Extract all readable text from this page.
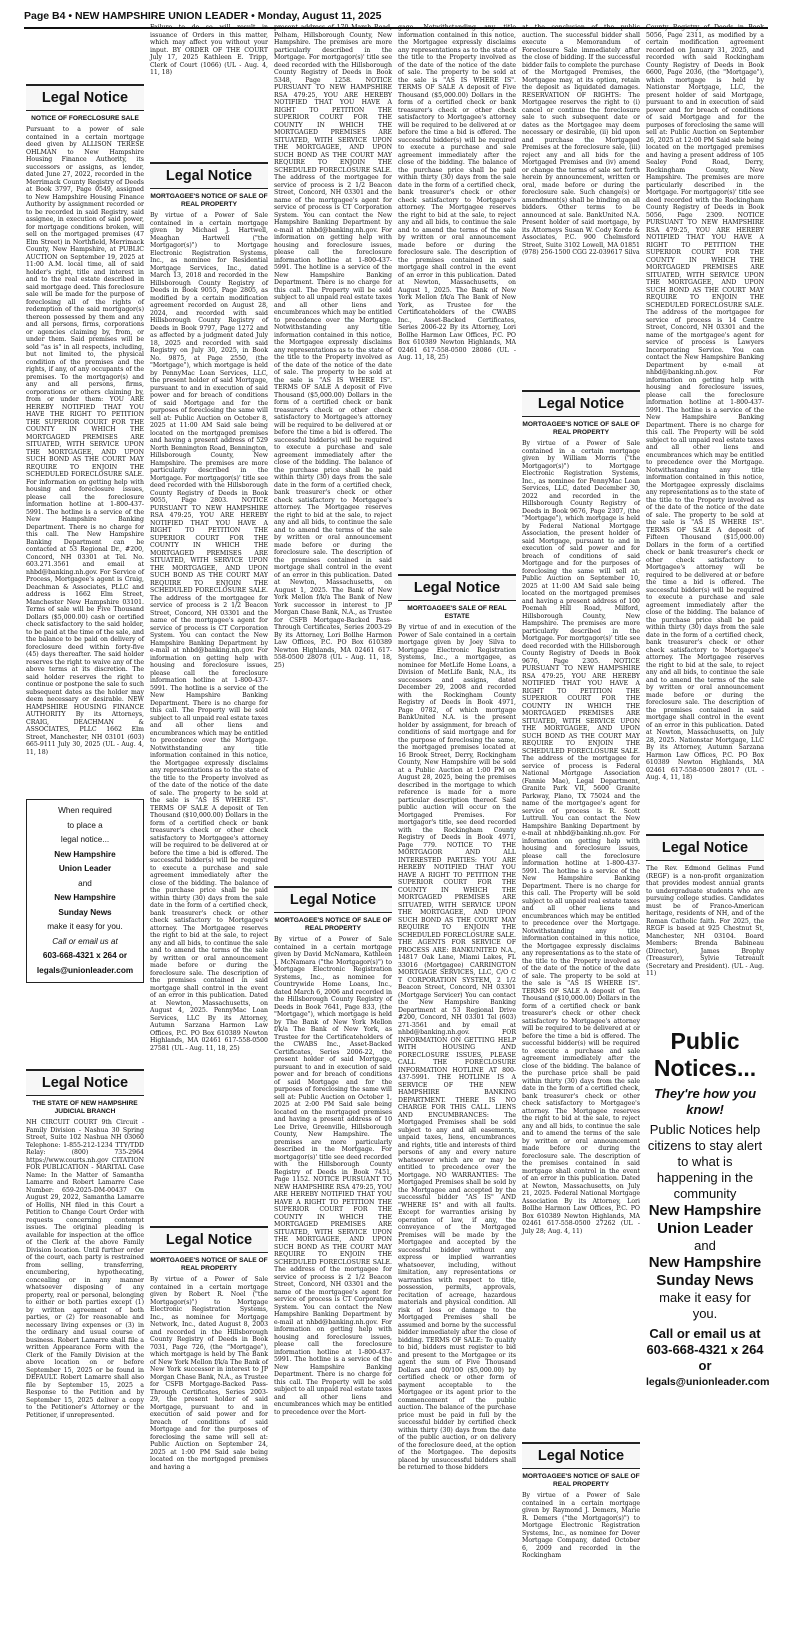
Page B4 • NEW HAMPSHIRE UNION LEADER • Monday, August 11, 2025
Legal Notice
NOTICE OF FORECLOSURE SALE

Pursuant to a power of sale contained in a certain mortgage deed given by ALLISON TERESE OHLMAN to New Hampshire Housing Finance Authority, its successors or assigns, as lender, dated June 27, 2022, recorded in the Merrimack County Registry of Deeds at Book 3797, Page 0549, assigned to New Hampshire Housing Finance Authority by assignment recorded or to be recorded in said Registry, said assignee, in execution of said power, for mortgage conditions broken, will sell on the mortgaged premises (47 Elm Street) in Northfield, Merrimack County, New Hampshire, at PUBLIC AUCTION on September 19, 2025 at 11:00 A.M. local time, all of said holder's right, title and interest in and to the real estate described in said mortgage deed. This foreclosure sale will be made for the purpose of foreclosing all of the rights of redemption of the said mortgagor(s) thereon possessed by them and any and all persons, firms, corporations or agencies claiming by, from, or under them. Said premises will be sold "as is" in all respects, including, but not limited to, the physical condition of the premises and the rights, if any, of any occupants of the premises. To the mortgagor(s) and any and all persons, firms, corporations or others claiming by, from or under them: YOU ARE HEREBY NOTIFIED THAT YOU HAVE THE RIGHT TO PETITION THE SUPERIOR COURT FOR THE COUNTY IN WHICH THE MORTGAGED PREMISES ARE SITUATED, WITH SERVICE UPON THE MORTGAGEE, AND UPON SUCH BOND AS THE COURT MAY REQUIRE TO ENJOIN THE SCHEDULED FORECLOSURE SALE. For information on getting help with housing and foreclosure issues, please call the foreclosure information hotline at 1-800-437-5991. The hotline is a service of the New Hampshire Banking Department. There is no charge for this call. The New Hampshire Banking Department can be contacted at 53 Regional Dr., #200, Concord, NH 03301 at Tel. No. 603.271.3561 and email at nhbd@banking.nh.gov. For Service of Process, Mortgagee's agent is Craig, Deachman & Associates, PLLC and address is 1662 Elm Street, Manchester New Hampshire 03101. Terms of sale will be Five Thousand Dollars ($5,000.00) cash or certified check satisfactory to the said holder, to be paid at the time of the sale, and the balance to be paid on delivery of foreclosure deed within forty-five (45) days thereafter. The said holder reserves the right to waive any of the above terms at its discretion. The said holder reserves the right to continue or postpone the sale to such subsequent dates as the holder may deem necessary or desirable. NEW HAMPSHIRE HOUSING FINANCE AUTHORITY By its Attorneys, CRAIG, DEACHMAN & ASSOCIATES, PLLC 1662 Elm Street, Manchester, NH 03101 (603) 665-9111 July 30, 2025 (UL - Aug. 4, 11, 18)

When required
to place a
legal notice...
New Hampshire
Union Leader
and
New Hampshire
Sunday News
make it easy for you.
Call or email us at
603-668-4321 x 264 or
legals@unionleader.com
Legal Notice
THE STATE OF NEW HAMPSHIRE JUDICIAL BRANCH

NH CIRCUIT COURT 9th Circuit - Family Division - Nashua 30 Spring Street, Suite 102 Nashua NH 03060 Telephone: 1-855-212-1234 TTY/TDD Relay: (800) 735-2964 https://www.courts.nh.gov CITATION FOR PUBLICATION - MARITAL Case Name: In the Matter of Samantha Lamarre and Robert Lamarre Case Number: 659-2025-DM-00437 On August 29, 2022, Samantha Lamarre of Hollis, NH filed in this Court a Petition to Change Court Order with requests concerning contempt issues. The original pleading is available for inspection at the office of the Clerk at the above Family Division location. Until further order of the court, each party is restrained from selling, transferring, encumbering, hypothecating, concealing or in any manner whatsoever disposing of any property, real or personal, belonging to either or both parties except (1) by written agreement of both parties, or (2) for reasonable and necessary living expenses or (3) in the ordinary and usual course of business. Robert Lamarre shall file a written Appearance Form with the Clerk of the Family Division at the above location on or before September 15, 2025 or be found in DEFAULT. Robert Lamarre shall also file by September 15, 2025 a Response to the Petition and by September 15, 2025 deliver a copy to the Petitioner's Attorney or the Petitioner, if unrepresented.

Failure to do so will result in issuance of Orders in this matter, which may affect you without your input. BY ORDER OF THE COURT July 17, 2025 Kathleen E. Tripp, Clerk of Court (1066) (UL - Aug. 4, 11, 18)

Legal Notice
MORTGAGEE'S NOTICE OF SALE OF REAL PROPERTY

By virtue of a Power of Sale contained in a certain mortgage given by Michael J. Hartwell, Meaghan Hartwell ("the Mortgagor(s)") to Mortgage Electronic Registration Systems, Inc., as nominee for Residential Mortgage Services, Inc., dated March 13, 2018 and recorded in the Hillsborough County Registry of Deeds in Book 9055, Page 2805, as modified by a certain modification agreement recorded on August 28, 2024, and recorded with said Hillsborough County Registry of Deeds in Book 9797, Page 1272 and as affected by a judgment dated July 18, 2025 and recorded with said Registry on July 30, 2025, in Book No. 9875, at Page 2550, (the "Mortgage"), which mortgage is held by PennyMac Loan Services, LLC, the present holder of said Mortgage, pursuant to and in execution of said power and for breach of conditions of said Mortgage and for the purposes of foreclosing the same will sell at: Public Auction on October 8, 2025 at 11:00 AM Said sale being located on the mortgaged premises and having a present address of 529 North Bennington Road, Bennington, Hillsborough County, New Hampshire. The premises are more particularly described in the Mortgage. For mortgagor(s)' title see deed recorded with the Hillsborough County Registry of Deeds in Book 9055, Page 2803. NOTICE PURSUANT TO NEW HAMPSHIRE RSA 479:25, YOU ARE HEREBY NOTIFIED THAT YOU HAVE A RIGHT TO PETITION THE SUPERIOR COURT FOR THE COUNTY IN WHICH THE MORTGAGED PREMISES ARE SITUATED, WITH SERVICE UPON THE MORTGAGEE, AND UPON SUCH BOND AS THE COURT MAY REQUIRE TO ENJOIN THE SCHEDULED FORECLOSURE SALE. The address of the mortgagee for service of process is 2 1/2 Beacon Street, Concord, NH 03301 and the name of the mortgagee's agent for service of process is CT Corporation System. You can contact the New Hampshire Banking Department by e-mail at nhbd@banking.nh.gov. For information on getting help with housing and foreclosure issues, please call the foreclosure information hotline at 1-800-437-5991. The hotline is a service of the New Hampshire Banking Department. There is no charge for this call. The Property will be sold subject to all unpaid real estate taxes and all other liens and encumbrances which may be entitled to precedence over the Mortgage. Notwithstanding any title information contained in this notice, the Mortgagee expressly disclaims any representations as to the state of the title to the Property involved as of the date of the notice of the date of sale. The property to be sold at the sale is "AS IS WHERE IS". TERMS OF SALE A deposit of Ten Thousand ($10,000.00) Dollars in the form of a certified check or bank treasurer's check or other check satisfactory to Mortgagee's attorney will be required to be delivered at or before the time a bid is offered. The successful bidder(s) will be required to execute a purchase and sale agreement immediately after the close of the bidding. The balance of the purchase price shall be paid within thirty (30) days from the sale date in the form of a certified check, bank treasurer's check or other check satisfactory to Mortgagee's attorney. The Mortgagee reserves the right to bid at the sale, to reject any and all bids, to continue the sale and to amend the terms of the sale by written or oral announcement made before or during the foreclosure sale. The description of the premises contained in said mortgage shall control in the event of an error in this publication. Dated at Newton, Massachusetts, on August 4, 2025. PennyMac Loan Services, LLC By its Attorney, Autumn Sarzana Harmon Law Offices, P.C. PO Box 610389 Newton Highlands, MA 02461 617-558-0500 27581 (UL - Aug. 11, 18, 25)

Legal Notice
MORTGAGEE'S NOTICE OF SALE OF REAL PROPERTY

By virtue of a Power of Sale contained in a certain mortgage given by Robert R. Noel ("the Mortgagor(s)") to Mortgage Electronic Registration Systems, Inc., as nominee for Mortgage Network, Inc., dated August 8, 2003 and recorded in the Hillsborough County Registry of Deeds in Book 7031, Page 726, (the "Mortgage"), which mortgage is held by The Bank of New York Mellon f/k/a The Bank of New York successor in interest to JP Morgan Chase Bank, N.A., as Trustee for CSFB Mortgage-Backed Pass-Through Certificates, Series 2003-29, the present holder of said Mortgage, pursuant to and in execution of said power and for breach of conditions of said Mortgage and for the purposes of foreclosing the same will sell at: Public Auction on September 24, 2025 at 1:00 PM Said sale being located on the mortgaged premises and having a

present address of 170 Marsh Road, Pelham, Hillsborough County, New Hampshire. The premises are more particularly described in the Mortgage. For mortgagor(s)' title see deed recorded with the Hillsborough County Registry of Deeds in Book 5348, Page 1258. NOTICE PURSUANT TO NEW HAMPSHIRE RSA 479:25, YOU ARE HEREBY NOTIFIED THAT YOU HAVE A RIGHT TO PETITION THE SUPERIOR COURT FOR THE COUNTY IN WHICH THE MORTGAGED PREMISES ARE SITUATED, WITH SERVICE UPON THE MORTGAGEE, AND UPON SUCH BOND AS THE COURT MAY REQUIRE TO ENJOIN THE SCHEDULED FORECLOSURE SALE. The address of the mortgagee for service of process is 2 1/2 Beacon Street, Concord, NH 03301 and the name of the mortgagee's agent for service of process is CT Corporation System. You can contact the New Hampshire Banking Department by e-mail at nhbd@banking.nh.gov. For information on getting help with housing and foreclosure issues, please call the foreclosure information hotline at 1-800-437-5991. The hotline is a service of the New Hampshire Banking Department. There is no charge for this call. The Property will be sold subject to all unpaid real estate taxes and all other liens and encumbrances which may be entitled to precedence over the Mortgage. Notwithstanding any title information contained in this notice, the Mortgagee expressly disclaims any representations as to the state of the title to the Property involved as of the date of the notice of the date of sale. The property to be sold at the sale is "AS IS WHERE IS". TERMS OF SALE A deposit of Five Thousand ($5,000.00) Dollars in the form of a certified check or bank treasurer's check or other check satisfactory to Mortgagee's attorney will be required to be delivered at or before the time a bid is offered. The successful bidder(s) will be required to execute a purchase and sale agreement immediately after the close of the bidding. The balance of the purchase price shall be paid within thirty (30) days from the sale date in the form of a certified check, bank treasurer's check or other check satisfactory to Mortgagee's attorney. The Mortgagee reserves the right to bid at the sale, to reject any and all bids, to continue the sale and to amend the terms of the sale by written or oral announcement made before or during the foreclosure sale. The description of the premises contained in said mortgage shall control in the event of an error in this publication. Dated at Newton, Massachusetts, on August 1, 2025. The Bank of New York Mellon f/k/a The Bank of New York successor in interest to JP Morgan Chase Bank, N.A., as Trustee for CSFB Mortgage-Backed Pass-Through Certificates, Series 2003-29 By its Attorney, Lori Bollhe Harmon Law Offices, P.C. PO Box 610389 Newton Highlands, MA 02461 617-558-0500 28078 (UL - Aug. 11, 18, 25)

Legal Notice
MORTGAGEE'S NOTICE OF SALE OF REAL PROPERTY

By virtue of a Power of Sale contained in a certain mortgage given by David McNamara, Kathleen J. McNamara ("the Mortgagor(s)") to Mortgage Electronic Registration Systems, Inc., as nominee for Countrywide Home Loans, Inc., dated March 6, 2006 and recorded in the Hillsborough County Registry of Deeds in Book 7641, Page 833, (the "Mortgage"), which mortgage is held by The Bank of New York Mellon f/k/a The Bank of New York, as Trustee for the Certificateholders of the CWABS Inc., Asset-Backed Certificates, Series 2006-22, the present holder of said Mortgage, pursuant to and in execution of said power and for breach of conditions of said Mortgage and for the purposes of foreclosing the same will sell at: Public Auction on October 1, 2025 at 2:00 PM Said sale being located on the mortgaged premises and having a present address of 10 Lee Drive, Greenville, Hillsborough County, New Hampshire. The premises are more particularly described in the Mortgage. For mortgagor(s)' title see deed recorded with the Hillsborough County Registry of Deeds in Book 7451, Page 1152. NOTICE PURSUANT TO NEW HAMPSHIRE RSA 479:25, YOU ARE HEREBY NOTIFIED THAT YOU HAVE A RIGHT TO PETITION THE SUPERIOR COURT FOR THE COUNTY IN WHICH THE MORTGAGED PREMISES ARE SITUATED, WITH SERVICE UPON THE MORTGAGEE, AND UPON SUCH BOND AS THE COURT MAY REQUIRE TO ENJOIN THE SCHEDULED FORECLOSURE SALE. The address of the mortgagee for service of process is 2 1/2 Beacon Street, Concord, NH 03301 and the name of the mortgagee's agent for service of process is CT Corporation System. You can contact the New Hampshire Banking Department by e-mail at nhbd@banking.nh.gov. For information on getting help with housing and foreclosure issues, please call the foreclosure information hotline at 1-800-437-5991. The hotline is a service of the New Hampshire Banking Department. There is no charge for this call. The Property will be sold subject to all unpaid real estate taxes and all other liens and encumbrances which may be entitled to precedence over the Mort-

gage. Notwithstanding any title information contained in this notice, the Mortgagee expressly disclaims any representations as to the state of the title to the Property involved as of the date of the notice of the date of sale. The property to be sold at the sale is "AS IS WHERE IS". TERMS OF SALE A deposit of Five Thousand ($5,000.00) Dollars in the form of a certified check or bank treasurer's check or other check satisfactory to Mortgagee's attorney will be required to be delivered at or before the time a bid is offered. The successful bidder(s) will be required to execute a purchase and sale agreement immediately after the close of the bidding. The balance of the purchase price shall be paid within thirty (30) days from the sale date in the form of a certified check, bank treasurer's check or other check satisfactory to Mortgagee's attorney. The Mortgagee reserves the right to bid at the sale, to reject any and all bids, to continue the sale and to amend the terms of the sale by written or oral announcement made before or during the foreclosure sale. The description of the premises contained in said mortgage shall control in the event of an error in this publication. Dated at Newton, Massachusetts, on August 1, 2025. The Bank of New York Mellon f/k/a The Bank of New York, as Trustee for the Certificateholders of the CWABS Inc., Asset-Backed Certificates, Series 2006-22 By its Attorney, Lori Bollhe Harmon Law Offices, P.C. PO Box 610389 Newton Highlands, MA 02461 617-558-0500 28086 (UL - Aug. 11, 18, 25)

Legal Notice
MORTGAGEE'S SALE OF REAL ESTATE

By virtue of and in execution of the Power of Sale contained in a certain mortgage given by Joey Silva to Mortgage Electronic Registration Systems, Inc., a mortgagee, as nominee for MetLife Home Loans, a Division of MetLife Bank, N.A., its successors and assigns, dated December 29, 2008 and recorded with the Rockingham County Registry of Deeds in Book 4971, Page 0782, of which mortgage BankUnited N.A. is the present holder by assignment, for breach of conditions of said mortgage and for the purpose of foreclosing the same, the mortgaged premises located at 16 Brook Street, Derry, Rockingham County, New Hampshire will be sold at a Public Auction at 1:00 PM on August 28, 2025, being the premises described in the mortgage to which reference is made for a more particular description thereof. Said public auction will occur on the Mortgaged Premises. For mortgagor's title, see deed recorded with the Rockingham County Registry of Deeds in Book 4971, Page 779. NOTICE TO THE MORTGAGOR AND ALL INTERESTED PARTIES: YOU ARE HEREBY NOTIFIED THAT YOU HAVE A RIGHT TO PETITION THE SUPERIOR COURT FOR THE COUNTY IN WHICH THE MORTGAGED PREMISES ARE SITUATED, WITH SERVICE UPON THE MORTGAGEE, AND UPON SUCH BOND AS THE COURT MAY REQUIRE TO ENJOIN THE SCHEDULED FORECLOSURE SALE. THE AGENTS FOR SERVICE OF PROCESS ARE: BANKUNITED N.A., 14817 Oak Lane, Miami Lakes, FL 33016 (Mortgagee) CARRINGTON MORTGAGE SERVICES, LLC, C/O C T CORPORATION SYSTEM, 2 1/2 Beacon Street, Concord, NH 03301 (Mortgage Servicer) You can contact the New Hampshire Banking Department at 53 Regional Drive #200, Concord, NH 03301 Tel (603) 271-3561 and by email at nhbd@banking.nh.gov. FOR INFORMATION ON GETTING HELP WITH HOUSING AND FORECLOSURE ISSUES, PLEASE CALL THE FORECLOSURE INFORMATION HOTLINE AT 800-437-5991. THE HOTLINE IS A SERVICE OF THE NEW HAMPSHIRE BANKING DEPARTMENT. THERE IS NO CHARGE FOR THIS CALL. LIENS AND ENCUMBRANCES: The Mortgaged Premises shall be sold subject to any and all easements, unpaid taxes, liens, encumbrances and rights, title and interests of third persons of any and every nature whatsoever which are or may be entitled to precedence over the Mortgage. NO WARRANTIES: The Mortgaged Premises shall be sold by the Mortgagee and accepted by the successful bidder "AS IS" AND "WHERE IS" and with all faults. Except for warranties arising by operation of law, if any, the conveyance of the Mortgaged Premises will be made by the Mortgagee and accepted by the successful bidder without any express or implied warranties whatsoever, including, without limitation, any representations or warranties with respect to title, possession, permits, approvals, recitation of acreage, hazardous materials and physical condition. All risk of loss or damage to the Mortgaged Premises shall be assumed and borne by the successful bidder immediately after the close of bidding. TERMS OF SALE: To qualify to bid, bidders must register to bid and present to the Mortgagee or its agent the sum of Five Thousand Dollars and 00/100 ($5,000.00) by certified check or other form of payment acceptable to the Mortgagee or its agent prior to the commencement of the public auction. The balance of the purchase price must be paid in full by the successful bidder by certified check within thirty (30) days from the date of the public auction, or on delivery of the foreclosure deed, at the option of the Mortgagee. The deposits placed by unsuccessful bidders shall be returned to those bidders

at the conclusion of the public auction. The successful bidder shall execute a Memorandum of Foreclosure Sale immediately after the close of bidding. If the successful bidder fails to complete the purchase of the Mortgaged Premises, the Mortgagee may, at its option, retain the deposit as liquidated damages. RESERVATION OF RIGHTS: The Mortgagee reserves the right to (i) cancel or continue the foreclosure sale to such subsequent date or dates as the Mortgagee may deem necessary or desirable, (ii) bid upon and purchase the Mortgaged Premises at the foreclosure sale, (iii) reject any and all bids for the Mortgaged Premises and (iv) amend or change the terms of sale set forth herein by announcement, written or oral, made before or during the foreclosure sale. Such change(s) or amendment(s) shall be binding on all bidders. Other terms to be announced at sale. BankUnited N.A. Present holder of said mortgage, by its Attorneys Susan W. Cody Korde & Associates, P.C. 900 Chelmsford Street, Suite 3102 Lowell, MA 01851 (978) 256-1500 CGG 22-039617 Silva

Legal Notice
MORTGAGEE'S NOTICE OF SALE OF REAL PROPERTY

By virtue of a Power of Sale contained in a certain mortgage given by William Morris ("the Mortgagor(s)") to Mortgage Electronic Registration Systems, Inc., as nominee for PennyMac Loan Services, LLC, dated December 30, 2022 and recorded in the Hillsborough County Registry of Deeds in Book 9676, Page 2307, (the "Mortgage"), which mortgage is held by Federal National Mortgage Association, the present holder of said Mortgage, pursuant to and in execution of said power and for breach of conditions of said Mortgage and for the purposes of foreclosing the same will sell at: Public Auction on September 10, 2025 at 11:00 AM Said sale being located on the mortgaged premises and having a present address of 100 Poemah Hill Road, Milford, Hillsborough County, New Hampshire. The premises are more particularly described in the Mortgage. For mortgagor(s)' title see deed recorded with the Hillsborough County Registry of Deeds in Book 9676, Page 2305. NOTICE PURSUANT TO NEW HAMPSHIRE RSA 479:25, YOU ARE HEREBY NOTIFIED THAT YOU HAVE A RIGHT TO PETITION THE SUPERIOR COURT FOR THE COUNTY IN WHICH THE MORTGAGED PREMISES ARE SITUATED, WITH SERVICE UPON THE MORTGAGEE, AND UPON SUCH BOND AS THE COURT MAY REQUIRE TO ENJOIN THE SCHEDULED FORECLOSURE SALE. The address of the mortgagee for service of process is Federal National Mortgage Association (Fannie Mae), Legal Department, Granite Park VII, 5600 Granite Parkway, Plano, TX 75024 and the name of the mortgagee's agent for service of process is R. Scott Luttrull. You can contact the New Hampshire Banking Department by e-mail at nhbd@banking.nh.gov. For information on getting help with housing and foreclosure issues, please call the foreclosure information hotline at 1-800-437-5991. The hotline is a service of the New Hampshire Banking Department. There is no charge for this call. The Property will be sold subject to all unpaid real estate taxes and all other liens and encumbrances which may be entitled to precedence over the Mortgage. Notwithstanding any title information contained in this notice, the Mortgagee expressly disclaims any representations as to the state of the title to the Property involved as of the date of the notice of the date of sale. The property to be sold at the sale is "AS IS WHERE IS". TERMS OF SALE A deposit of Ten Thousand ($10,000.00) Dollars in the form of a certified check or bank treasurer's check or other check satisfactory to Mortgagee's attorney will be required to be delivered at or before the time a bid is offered. The successful bidder(s) will be required to execute a purchase and sale agreement immediately after the close of the bidding. The balance of the purchase price shall be paid within thirty (30) days from the sale date in the form of a certified check, bank treasurer's check or other check satisfactory to Mortgagee's attorney. The Mortgagee reserves the right to bid at the sale, to reject any and all bids, to continue the sale and to amend the terms of the sale by written or oral announcement made before or during the foreclosure sale. The description of the premises contained in said mortgage shall control in the event of an error in this publication. Dated at Newton, Massachusetts, on July 21, 2025. Federal National Mortgage Association By its Attorney, Lori Bollhe Harmon Law Offices, P.C. PO Box 610389 Newton Highlands, MA 02461 617-558-0500 27262 (UL - July 28; Aug. 4, 11)

Legal Notice
MORTGAGEE'S NOTICE OF SALE OF REAL PROPERTY

By virtue of a Power of Sale contained in a certain mortgage given by Raymond J. Demers, Marie R. Demers ("the Mortgagor(s)") to Mortgage Electronic Registration Systems, Inc., as nominee for Dover Mortgage Company, dated October 6, 2009 and recorded in the Rockingham

County Registry of Deeds in Book 5056, Page 2311, as modified by a certain modification agreement recorded on January 31, 2025, and recorded with said Rockingham County Registry of Deeds in Book 6600, Page 2036, (the "Mortgage"), which mortgage is held by Nationstar Mortgage, LLC, the present holder of said Mortgage, pursuant to and in execution of said power and for breach of conditions of said Mortgage and for the purposes of foreclosing the same will sell at: Public Auction on September 26, 2025 at 12:00 PM Said sale being located on the mortgaged premises and having a present address of 105 Sealey Pond Road, Derry, Rockingham County, New Hampshire. The premises are more particularly described in the Mortgage. For mortgagor(s)' title see deed recorded with the Rockingham County Registry of Deeds in Book 5056, Page 2309. NOTICE PURSUANT TO NEW HAMPSHIRE RSA 479:25, YOU ARE HEREBY NOTIFIED THAT YOU HAVE A RIGHT TO PETITION THE SUPERIOR COURT FOR THE COUNTY IN WHICH THE MORTGAGED PREMISES ARE SITUATED, WITH SERVICE UPON THE MORTGAGEE, AND UPON SUCH BOND AS THE COURT MAY REQUIRE TO ENJOIN THE SCHEDULED FORECLOSURE SALE. The address of the mortgagee for service of process is 14 Centre Street, Concord, NH 03301 and the name of the mortgagee's agent for service of process is Lawyers Incorporating Service. You can contact the New Hampshire Banking Department by e-mail at nhbd@banking.nh.gov. For information on getting help with housing and foreclosure issues, please call the foreclosure information hotline at 1-800-437-5991. The hotline is a service of the New Hampshire Banking Department. There is no charge for this call. The Property will be sold subject to all unpaid real estate taxes and all other liens and encumbrances which may be entitled to precedence over the Mortgage. Notwithstanding any title information contained in this notice, the Mortgagee expressly disclaims any representations as to the state of the title to the Property involved as of the date of the notice of the date of sale. The property to be sold at the sale is "AS IS WHERE IS". TERMS OF SALE A deposit of Fifteen Thousand ($15,000.00) Dollars in the form of a certified check or bank treasurer's check or other check satisfactory to Mortgagee's attorney will be required to be delivered at or before the time a bid is offered. The successful bidder(s) will be required to execute a purchase and sale agreement immediately after the close of the bidding. The balance of the purchase price shall be paid within thirty (30) days from the sale date in the form of a certified check, bank treasurer's check or other check satisfactory to Mortgagee's attorney. The Mortgagee reserves the right to bid at the sale, to reject any and all bids, to continue the sale and to amend the terms of the sale by written or oral announcement made before or during the foreclosure sale. The description of the premises contained in said mortgage shall control in the event of an error in this publication. Dated at Newton, Massachusetts, on July 28, 2025. Nationstar Mortgage, LLC By its Attorney, Autumn Sarzana Harmon Law Offices, P.C. PO Box 610389 Newton Highlands, MA 02461 617-558-0500 28017 (UL - Aug. 4, 11, 18)

Legal Notice

The Rev. Edmond Gelinas Fund (REGF) is a non-profit organization that provides modest annual grants to undergraduate students who are pursuing college studies. Candidates must be of Franco-American heritage, residents of NH, and of the Roman Catholic faith. For 2025, the REGF is based at 925 Chestnut St, Manchester, NH 03104. Board Members: Brenda Babineau (Director), James Brophy (Treasurer), Sylvie Tetreault (Secretary and President). (UL - Aug. 11)

Public Notices...
They're how you know!
Public Notices help citizens to stay alert to what is happening in the community
New Hampshire Union Leader
and
New Hampshire Sunday News
make it easy for you.
Call or email us at 603-668-4321 x 264 or
legals@unionleader.com
